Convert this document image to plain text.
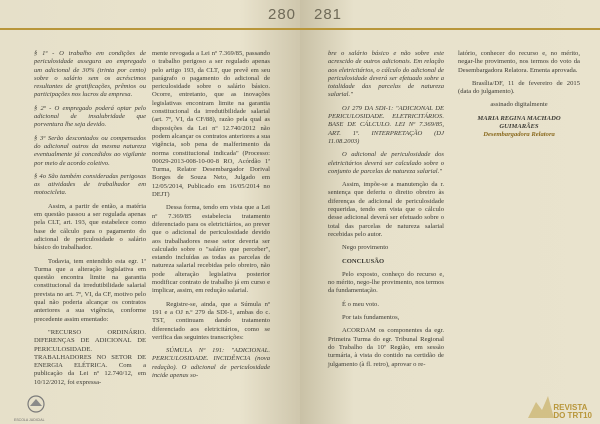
280

§ 1º - O trabalho em condições de periculosidade assegura ao empregado um adicional de 30% (trinta por cento) sobre o salário sem os acréscimos resultantes de gratificações, prêmios ou participações nos lucros da empresa.

§ 2º - O empregado poderá optar pelo adicional de insalubridade que porventura lhe seja devido.

§ 3º Serão descontados ou compensados do adicional outros da mesma natureza eventualmente já concedidos ao vigilante por meio de acordo coletivo.

§ 4o São também consideradas perigosas as atividades de trabalhador em motocicleta.

Assim, a partir de então, a matéria em questão passou a ser regulada apenas pela CLT, art. 193, que estabelece como base de cálculo para o pagamento do adicional de periculosidade o salário básico do trabalhador.

Todavia, tem entendido esta egr. 1ª Turma que a alteração legislativa em questão encontra limite na garantia constitucional da irredutibilidade salarial prevista no art. 7º, VI, da CF, motivo pelo qual não poderia alcançar os contratos anteriores a sua vigência, conforme precedente assim ementado:

"RECURSO ORDINÁRIO. DIFERENÇAS DE ADICIONAL DE PERICULOSIDADE. TRABALHADORES NO SETOR DE ENERGIA ELÉTRICA. Com a publicação da Lei nº 12.740/12, em 10/12/2012, foi expressa-

mente revogada a Lei nº 7.369/85, passando o trabalho perigoso a ser regulado apenas pelo artigo 193, da CLT, que prevê em seu parágrafo o pagamento do adicional de periculosidade sobre o salário básico. Ocorre, entretanto, que as inovações legislativas encontram limite na garantia constitucional da irredutibilidade salarial (art. 7º, VI, da CF/88), razão pela qual as disposições da Lei nº 12.740/2012 não podem alcançar os contratos anteriores a sua vigência, sob pena de malferimento da norma constitucional indicada" (Processo: 00029-2013-008-10-00-8 RO, Acórdão 1ª Turma, Relator Desembargador Dorival Borges de Souza Neto, Julgado em 12/05/2014, Publicado em 16/05/2014 no DEJT)

Dessa forma, tendo em vista que a Lei nº 7.369/85 estabelecia tratamento diferenciado para os eletricitários, ao prever que o adicional de periculosidade devido aos trabalhadores nesse setor deveria ser calculado sobre o "salário que perceber", estando incluídas as todas as parcelas de natureza salarial recebidas pelo obreiro, não pode alteração legislativa posterior modificar contrato de trabalho já em curso e implicar, assim, em redução salarial.

Registre-se, ainda, que a Súmula nº 191 e a OJ n.º 279 da SDI-1, ambas do c. TST, continuam dando tratamento diferenciado aos eletricitários, como se verifica das seguintes transcrições:

SÚMULA Nº 191: "ADICIONAL. PERICULOSIDADE. INCIDÊNCIA (nova redação). O adicional de periculosidade incide apenas so-

ESCOLA JUDICIAL
281

bre o salário básico e não sobre este acrescido de outros adicionais. Em relação aos eletricitários, o cálculo do adicional de periculosidade deverá ser efetuado sobre a totalidade das parcelas de natureza salarial."

OJ 279 DA SDI-1: "ADICIONAL DE PERICULOSIDADE. ELETRICITÁRIOS. BASE DE CÁLCULO. LEI Nº 7.369/85, ART. 1º. INTERPRETAÇÃO (DJ 11.08.2003)

O adicional de periculosidade dos eletricitários deverá ser calculado sobre o conjunto de parcelas de natureza salarial."

Assim, impõe-se a manutenção da r. sentença que deferiu o direito obreiro às diferenças de adicional de periculosidade requeridas, tendo em vista que o cálculo desse adicional deverá ser efetuado sobre o total das parcelas de natureza salarial recebidas pelo autor.

Nego provimento

CONCLUSÃO

Pelo exposto, conheço do recurso e, no mérito, nego-lhe provimento, nos termos da fundamentação.

É o meu voto.

Por tais fundamentos,

ACORDAM os componentes da egr. Primeira Turma do egr. Tribunal Regional do Trabalho da 10ª Região, em sessão turmária, à vista do contido na certidão de julgamento (à fl. retro), aprovar o re-

latório, conhecer do recurso e, no mérito, negar-lhe provimento, nos termos do voto da Desembargadora Relatora. Ementa aprovada.

Brasília/DF, 11 de fevereiro de 2015 (data do julgamento).

assinado digitalmente

MARIA REGINA MACHADO GUIMARÃES

Desembargadora Relatora

REVISTA
DO TRT10
